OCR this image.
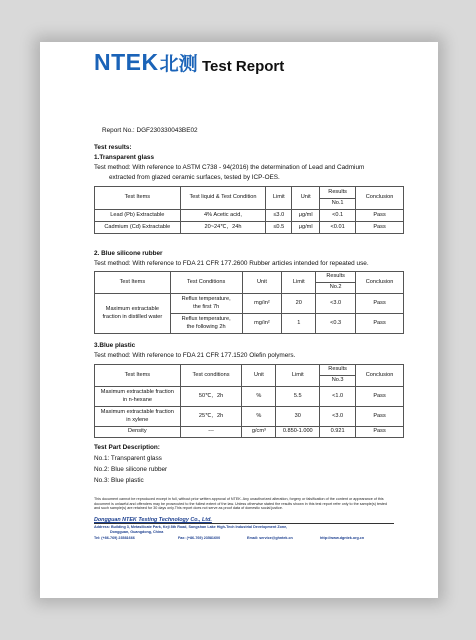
NTEK 北测 Test Report
Report No.: DGF230330043BE02
Test results:
1.Transparent glass
Test method: With reference to ASTM C738 - 94(2016) the determination of Lead and Cadmium
extracted from glazed ceramic surfaces, tested by ICP-OES.
Test Items	Test liquid & Test Condition	Limit	Unit	Results	Conclusion
				No.1	
Lead (Pb) Extractable	4% Acetic acid,	≤3.0	μg/ml	<0.1	Pass
Cadmium (Cd) Extractable	20~24℃，24h	≤0.5	μg/ml	<0.01	Pass
2. Blue silicone rubber
Test method: With reference to FDA 21 CFR 177.2600 Rubber articles intended for repeated use.
Test Items	Test Conditions	Unit	Limit	Results	Conclusion
				No.2	
Maximum extractable fraction in distilled water	Reflux temperature,
the first 7h	mg/in²	20	<3.0	Pass
	Reflux temperature,
the following 2h	mg/in²	1	<0.3	Pass
3.Blue plastic
Test method: With reference to FDA 21 CFR 177.1520 Olefin polymers.
Test Items	Test conditions	Unit	Limit	Results	Conclusion
				No.3	
Maximum extractable fraction
in n-hexane	50℃，2h	%	5.5	<1.0	Pass
Maximum extractable fraction
in xylene	25℃，2h	%	30	<3.0	Pass
Density	---	g/cm³	0.850-1.000	0.921	Pass
Test Part Description:
No.1: Transparent glass
No.2: Blue silicone rubber
No.3: Blue plastic
This document cannot be reproduced except in full, without prior written approval of NTEK. Any unauthorized alteration, forgery or falsification of the content or appearance of this document is unlawful and offenders may be prosecuted to the fullest extent of the law. Unless otherwise stated the results shown in this test report refer only to the sample(s) tested and such sample(s) are retained for 30 days only.This report does not serve as proof data of domestic social justice.
Dongguan NTEK Testing Technology Co., Ltd.
Address: Building 3, Metasilicate Park, Keji 8th Road, Songshan Lake High-Tech Industrial Development Zone,
Dongguan, Guangdong, China
Tel: (+86-769) 23581666	Fax: (+86-769) 23581600	Email: service@ghntek.cn	http://www.dgntek.org.cn
